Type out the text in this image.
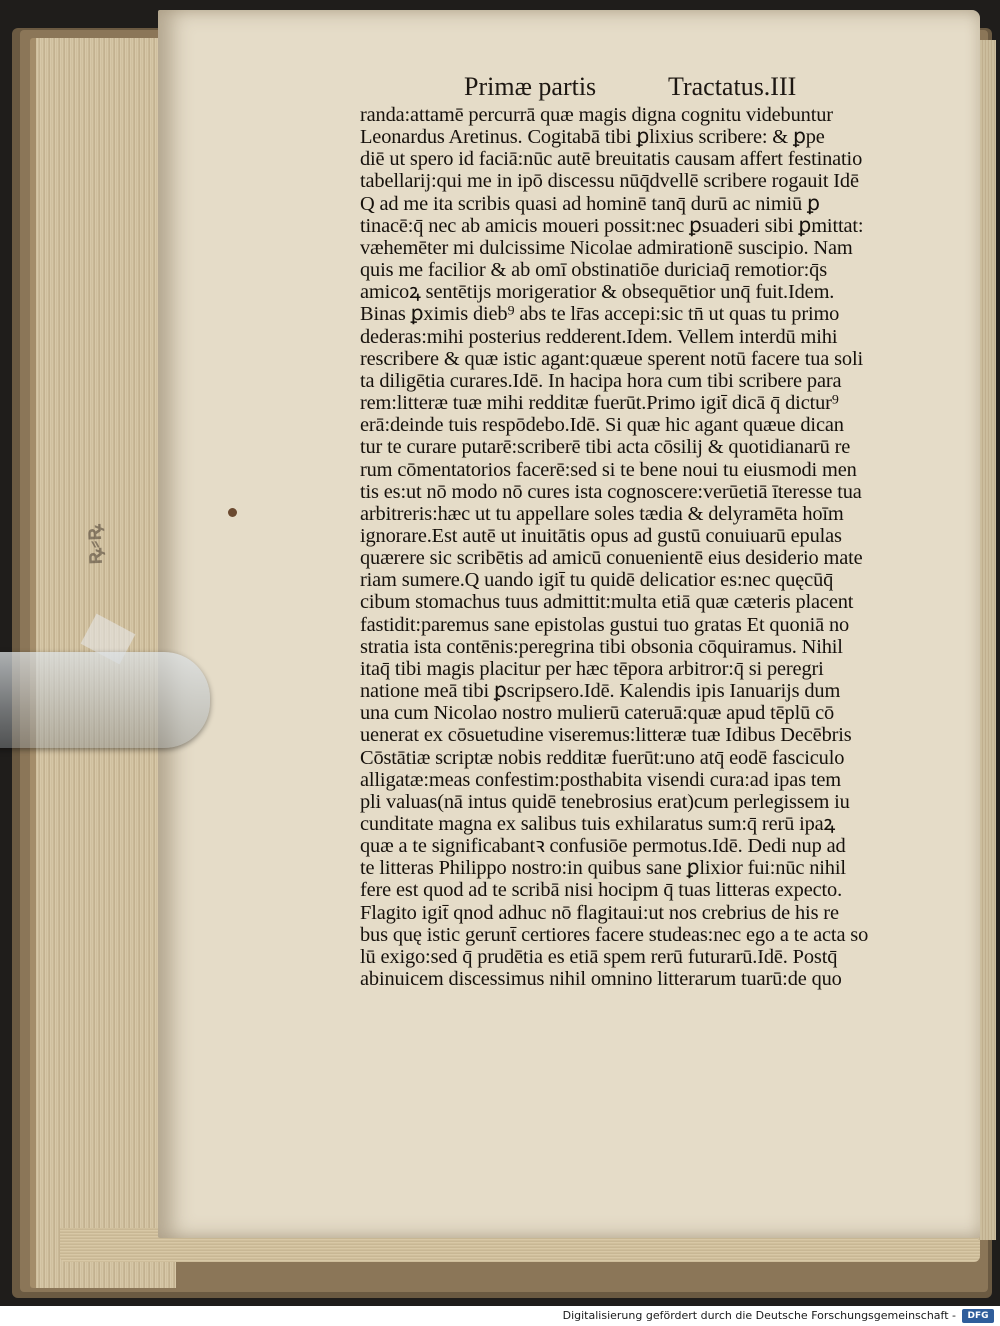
ꝶ⸗ꝶ
Primæ partis	Tractatus.III
randa:attamē percurrā quæ magis digna cognitu videbuntur
Leonardus Aretinus. Cogitabā tibi ꝑlixius scribere: & ꝑpe
diē ut spero id faciā:nūc autē breuitatis causam affert festinatio
tabellarij:qui me in ipō discessu nūq̄dvellē scribere rogauit Idē
Q ad me ita scribis quasi ad hominē tanq̄ durū ac nimiū ꝑ
tinacē:q̄ nec ab amicis moueri possit:nec ꝑsuaderi sibi ꝑmittat:
væhemēter mi dulcissime Nicolae admirationē suscipio. Nam
quis me facilior & ab omī obstinatiōe duriciaq̄ remotior:q̄s
amicoꝝ sentētijs morigeratior & obsequētior unq̄ fuit.Idem.
Binas ꝑximis dieb⁹ abs te lr̄as accepi:sic tn̄ ut quas tu primo
dederas:mihi posterius redderent.Idem. Vellem interdū mihi
rescribere & quæ istic agant:quæue sperent notū facere tua soli
ta diligētia curares.Idē. In hacipa hora cum tibi scribere para
rem:litteræ tuæ mihi redditæ fuerūt.Primo igit̄ dicā q̄ dictur⁹
erā:deinde tuis respōdebo.Idē. Si quæ hic agant quæue dican
tur te curare putarē:scriberē tibi acta cōsilij & quotidianarū re
rum cōmentatorios facerē:sed si te bene noui tu eiusmodi men
tis es:ut nō modo nō cures ista cognoscere:verūetiā īteresse tua
arbitreris:hæc ut tu appellare soles tædia & delyramēta hoīm
ignorare.Est autē ut inuitātis opus ad gustū conuiuarū epulas
quærere sic scribētis ad amicū conuenientē eius desiderio mate
riam sumere.Q uando igit̄ tu quidē delicatior es:nec quęcūq̄
cibum stomachus tuus admittit:multa etiā quæ cæteris placent
fastidit:paremus sane epistolas gustui tuo gratas Et quoniā no
stratia ista contēnis:peregrina tibi obsonia cōquiramus. Nihil
itaq̄ tibi magis placitur per hæc tēpora arbitror:q̄ si peregri
natione meā tibi ꝑscripsero.Idē. Kalendis ipis Ianuarijs dum
una cum Nicolao nostro mulierū cateruā:quæ apud tēplū cō
uenerat ex cōsuetudine viseremus:litteræ tuæ Idibus Decēbris
Cōstātiæ scriptæ nobis redditæ fuerūt:uno atq̄ eodē fasciculo
alligatæ:meas confestim:posthabita visendi cura:ad ipas tem
pli valuas(nā intus quidē tenebrosius erat)cum perlegissem iu
cunditate magna ex salibus tuis exhilaratus sum:q̄ rerū ipaꝝ
quæ a te significabantꝛ confusiōe permotus.Idē. Dedi nup ad
te litteras Philippo nostro:in quibus sane ꝑlixior fui:nūc nihil
fere est quod ad te scribā nisi hocipm q̄ tuas litteras expecto.
Flagito igit̄ qnod adhuc nō flagitaui:ut nos crebrius de his re
bus quę istic gerunt̄ certiores facere studeas:nec ego a te acta so
lū exigo:sed q̄ prudētia es etiā spem rerū futurarū.Idē. Postq̄
abinuicem discessimus nihil omnino litterarum tuarū:de quo
Digitalisierung gefördert durch die Deutsche Forschungsgemeinschaft -	DFG
